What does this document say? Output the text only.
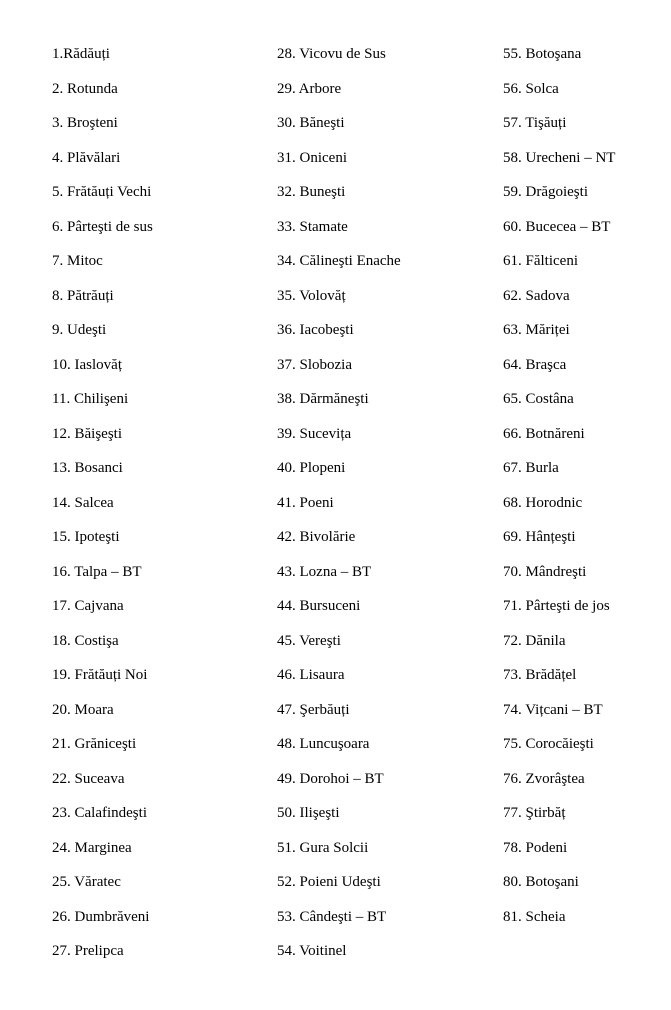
1.Rădăuți
2. Rotunda
3. Broşteni
4. Plăvălari
5. Frătăuți Vechi
6. Pârteşti de sus
7. Mitoc
8. Pătrăuți
9. Udeşti
10. Iaslovăț
11. Chilişeni
12. Băişeşti
13. Bosanci
14. Salcea
15. Ipoteşti
16. Talpa – BT
17. Cajvana
18. Costişa
19. Frătăuți Noi
20. Moara
21. Grăniceşti
22. Suceava
23. Calafindeşti
24. Marginea
25. Văratec
26. Dumbrăveni
27. Prelipca
28. Vicovu de Sus
29. Arbore
30. Băneşti
31. Oniceni
32. Buneşti
33. Stamate
34. Călineşti Enache
35. Volovăț
36. Iacobeşti
37. Slobozia
38. Dărmăneşti
39. Sucevița
40. Plopeni
41. Poeni
42. Bivolărie
43. Lozna – BT
44. Bursuceni
45. Vereşti
46. Lisaura
47. Şerbăuți
48. Luncuşoara
49. Dorohoi – BT
50. Ilişeşti
51. Gura Solcii
52. Poieni Udeşti
53. Cândeşti – BT
54. Voitinel
55. Botoşana
56. Solca
57. Tişăuți
58. Urecheni – NT
59. Drăgoieşti
60. Bucecea – BT
61. Fălticeni
62. Sadova
63. Măriței
64. Braşca
65. Costâna
66. Botnăreni
67. Burla
68. Horodnic
69. Hânțeşti
70. Mândreşti
71. Pârteşti de jos
72. Dănila
73. Brădățel
74. Vițcani – BT
75. Corocăieşti
76. Zvorâştea
77. Ştirbăț
78. Podeni
80. Botoşani
81. Scheia
